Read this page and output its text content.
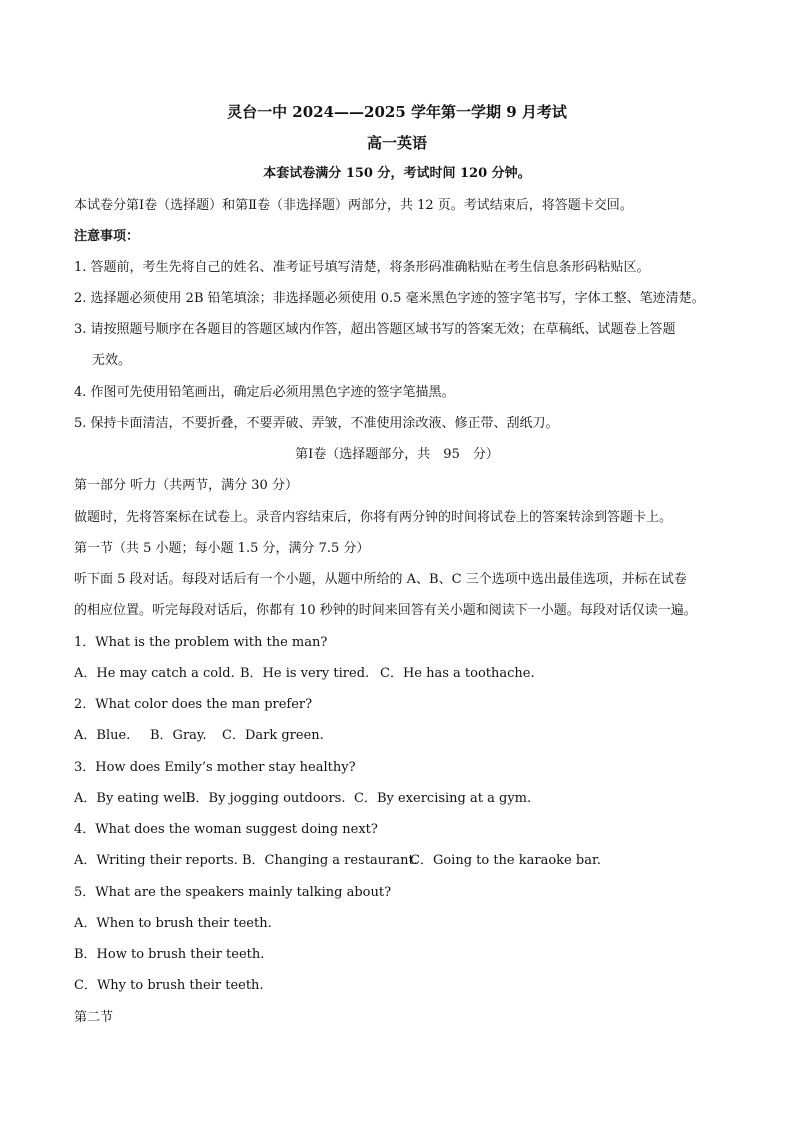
灵台一中 2024——2025 学年第一学期 9 月考试
高一英语
本套试卷满分 150 分，考试时间 120 分钟。
本试卷分第Ⅰ卷（选择题）和第Ⅱ卷（非选择题）两部分，共 12 页。考试结束后，将答题卡交回。
注意事项：
1. 答题前，考生先将自己的姓名、准考证号填写清楚，将条形码准确粘贴在考生信息条形码粘贴区。
2. 选择题必须使用 2B 铅笔填涂；非选择题必须使用 0.5 毫米黑色字迹的签字笔书写，字体工整、笔迹清楚。
3. 请按照题号顺序在各题目的答题区域内作答，超出答题区域书写的答案无效；在草稿纸、试题卷上答题
无效。
4. 作图可先使用铅笔画出，确定后必须用黑色字迹的签字笔描黑。
5. 保持卡面清洁，不要折叠，不要弄破、弄皱，不准使用涂改液、修正带、刮纸刀。
第Ⅰ卷（选择题部分，共　95　分）
第一部分 听力（共两节，满分 30 分）
做题时，先将答案标在试卷上。录音内容结束后，你将有两分钟的时间将试卷上的答案转涂到答题卡上。
第一节（共 5 小题；每小题 1.5 分，满分 7.5 分）
听下面 5 段对话。每段对话后有一个小题，从题中所给的 A、B、C 三个选项中选出最佳选项，并标在试卷
的相应位置。听完每段对话后，你都有 10 秒钟的时间来回答有关小题和阅读下一小题。每段对话仅读一遍。
1．What is the problem with the man?
A．He may catch a cold. B．He is very tired. C．He has a toothache.
2．What color does the man prefer?
A．Blue. B．Gray. C．Dark green.
3．How does Emily’s mother stay healthy?
A．By eating well.
B．By jogging outdoors. C．By exercising at a gym.
4．What does the woman suggest doing next?
A．Writing their reports. B．Changing a restaurant.
C．Going to the karaoke bar.
5．What are the speakers mainly talking about?
A．When to brush their teeth.
B．How to brush their teeth.
C．Why to brush their teeth.
第二节
